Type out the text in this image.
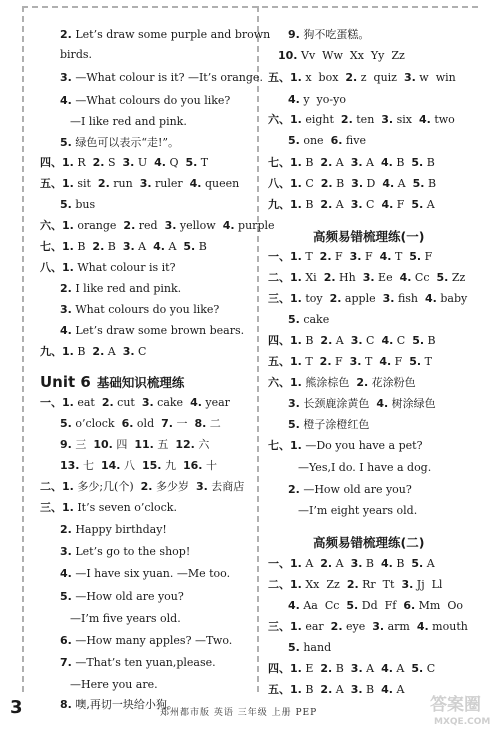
2. Let’s draw some purple and brown
birds.
3. —What colour is it? —It’s orange.
4. —What colours do you like?
—I like red and pink.
5. 绿色可以表示“走!”。
四、1. R  2. S  3. U  4. Q  5. T
五、1. sit  2. run  3. ruler  4. queen
5. bus
六、1. orange  2. red  3. yellow  4. purple
七、1. B  2. B  3. A  4. A  5. B
八、1. What colour is it?
2. I like red and pink.
3. What colours do you like?
4. Let’s draw some brown bears.
九、1. B  2. A  3. C
Unit 6 基础知识梳理练
一、1. eat  2. cut  3. cake  4. year
5. o’clock  6. old  7. 一  8. 二
9. 三  10. 四  11. 五  12. 六
13. 七  14. 八  15. 九  16. 十
二、1. 多少;几(个)  2. 多少岁  3. 去商店
三、1. It’s seven o’clock.
2. Happy birthday!
3. Let’s go to the shop!
4. —I have six yuan. —Me too.
5. —How old are you?
—I’m five years old.
6. —How many apples? —Two.
7. —That’s ten yuan,please.
—Here you are.
8. 噢,再切一块给小狗。
9. 狗不吃蛋糕。
10. Vv  Ww  Xx  Yy  Zz
五、1. x  box  2. z  quiz  3. w  win
4. y  yo-yo
六、1. eight  2. ten  3. six  4. two
5. one  6. five
七、1. B  2. A  3. A  4. B  5. B
八、1. C  2. B  3. D  4. A  5. B
九、1. B  2. A  3. C  4. F  5. A
高频易错梳理练(一)
一、1. T  2. F  3. F  4. T  5. F
二、1. Xi  2. Hh  3. Ee  4. Cc  5. Zz
三、1. toy  2. apple  3. fish  4. baby
5. cake
四、1. B  2. A  3. C  4. C  5. B
五、1. T  2. F  3. T  4. F  5. T
六、1. 熊涂棕色  2. 花涂粉色
3. 长颈鹿涂黄色  4. 树涂绿色
5. 橙子涂橙红色
七、1. —Do you have a pet?
—Yes,I do. I have a dog.
2. —How old are you?
—I’m eight years old.
高频易错梳理练(二)
一、1. A  2. A  3. B  4. B  5. A
二、1. Xx  Zz  2. Rr  Tt  3. Jj  Ll
4. Aa  Cc  5. Dd  Ff  6. Mm  Oo
三、1. ear  2. eye  3. arm  4. mouth
5. hand
四、1. E  2. B  3. A  4. A  5. C
五、1. B  2. A  3. B  4. A
3	郑州都市版 英语 三年级 上册 PEP	答案圈
MXQE.COM
